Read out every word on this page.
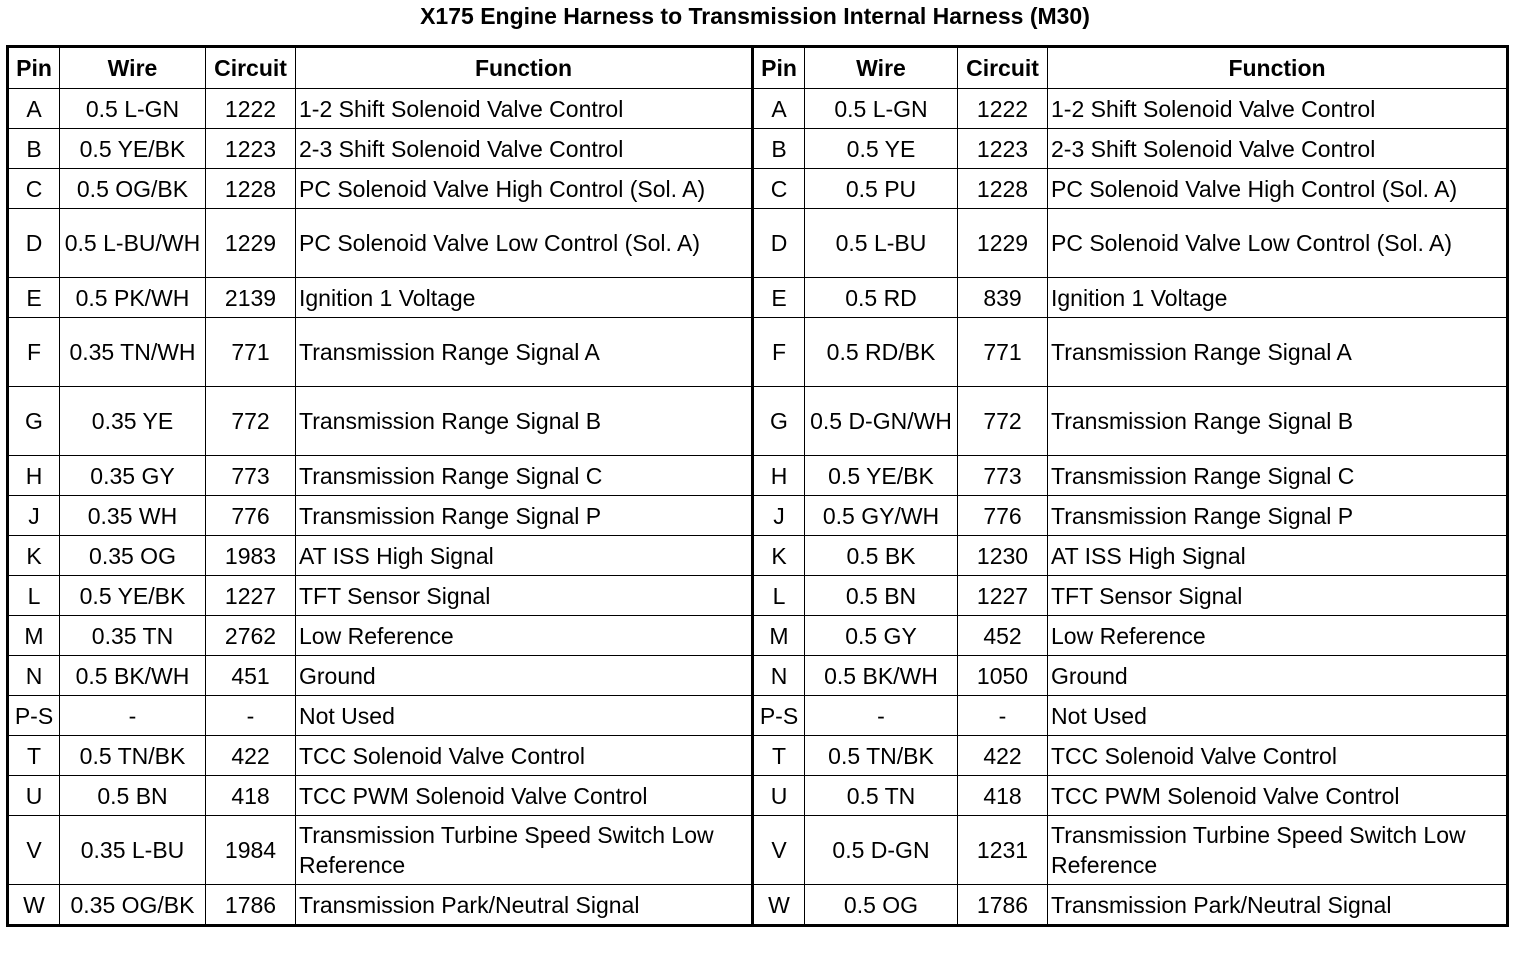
X175 Engine Harness to Transmission Internal Harness (M30)
Pin	Wire	Circuit	Function	Pin	Wire	Circuit	Function
A	0.5 L-GN	1222	1-2 Shift Solenoid Valve Control	A	0.5 L-GN	1222	1-2 Shift Solenoid Valve Control
B	0.5 YE/BK	1223	2-3 Shift Solenoid Valve Control	B	0.5 YE	1223	2-3 Shift Solenoid Valve Control
C	0.5 OG/BK	1228	PC Solenoid Valve High Control (Sol. A)	C	0.5 PU	1228	PC Solenoid Valve High Control (Sol. A)
D	0.5 L-BU/WH	1229	PC Solenoid Valve Low Control (Sol. A)	D	0.5 L-BU	1229	PC Solenoid Valve Low Control (Sol. A)
E	0.5 PK/WH	2139	Ignition 1 Voltage	E	0.5 RD	839	Ignition 1 Voltage
F	0.35 TN/WH	771	Transmission Range Signal A	F	0.5 RD/BK	771	Transmission Range Signal A
G	0.35 YE	772	Transmission Range Signal B	G	0.5 D-GN/WH	772	Transmission Range Signal B
H	0.35 GY	773	Transmission Range Signal C	H	0.5 YE/BK	773	Transmission Range Signal C
J	0.35 WH	776	Transmission Range Signal P	J	0.5 GY/WH	776	Transmission Range Signal P
K	0.35 OG	1983	AT ISS High Signal	K	0.5 BK	1230	AT ISS High Signal
L	0.5 YE/BK	1227	TFT Sensor Signal	L	0.5 BN	1227	TFT Sensor Signal
M	0.35 TN	2762	Low Reference	M	0.5 GY	452	Low Reference
N	0.5 BK/WH	451	Ground	N	0.5 BK/WH	1050	Ground
P-S	-	-	Not Used	P-S	-	-	Not Used
T	0.5 TN/BK	422	TCC Solenoid Valve Control	T	0.5 TN/BK	422	TCC Solenoid Valve Control
U	0.5 BN	418	TCC PWM Solenoid Valve Control	U	0.5 TN	418	TCC PWM Solenoid Valve Control
V	0.35 L-BU	1984	Transmission Turbine Speed Switch Low Reference	V	0.5 D-GN	1231	Transmission Turbine Speed Switch Low Reference
W	0.35 OG/BK	1786	Transmission Park/Neutral Signal	W	0.5 OG	1786	Transmission Park/Neutral Signal
